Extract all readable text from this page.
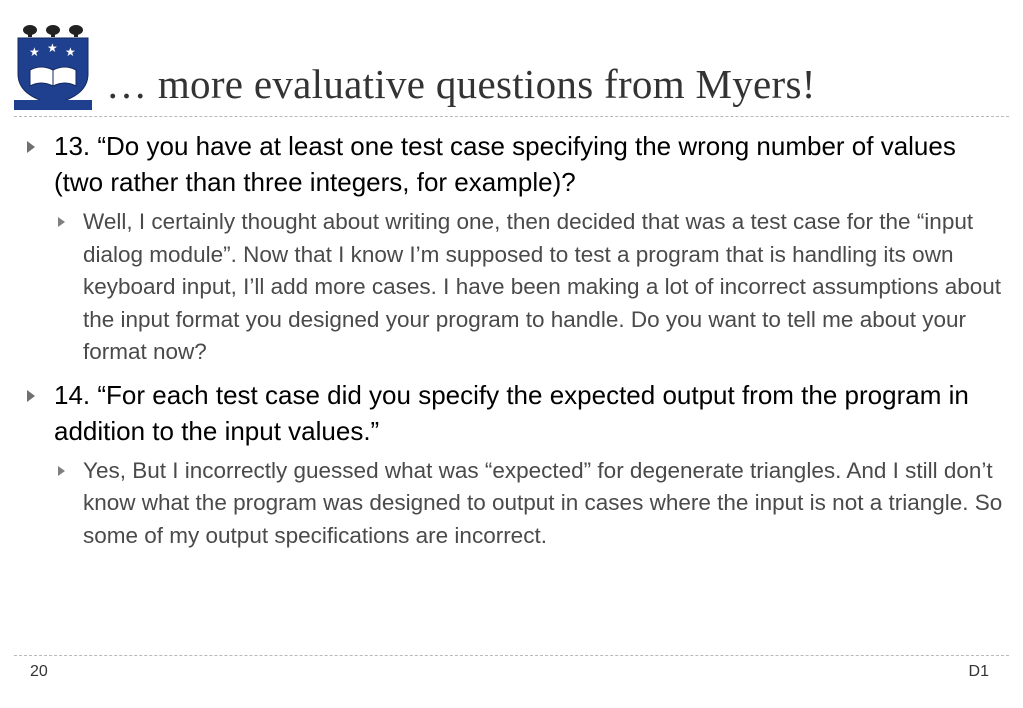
★ ★ ★
… more evaluative questions from Myers!
13. “Do you have at least one test case specifying the wrong number of values (two rather than three integers, for example)?
Well, I certainly thought about writing one, then decided that was a test case for the “input dialog module”. Now that I know I’m supposed to test a program that is handling its own keyboard input, I’ll add more cases. I have been making a lot of incorrect assumptions about the input format you designed your program to handle. Do you want to tell me about your format now?
14. “For each test case did you specify the expected output from the program in addition to the input values.”
Yes, But I incorrectly guessed what was “expected” for degenerate triangles. And I still don’t know what the program was designed to output in cases where the input is not a triangle. So some of my output specifications are incorrect.
20	D1
